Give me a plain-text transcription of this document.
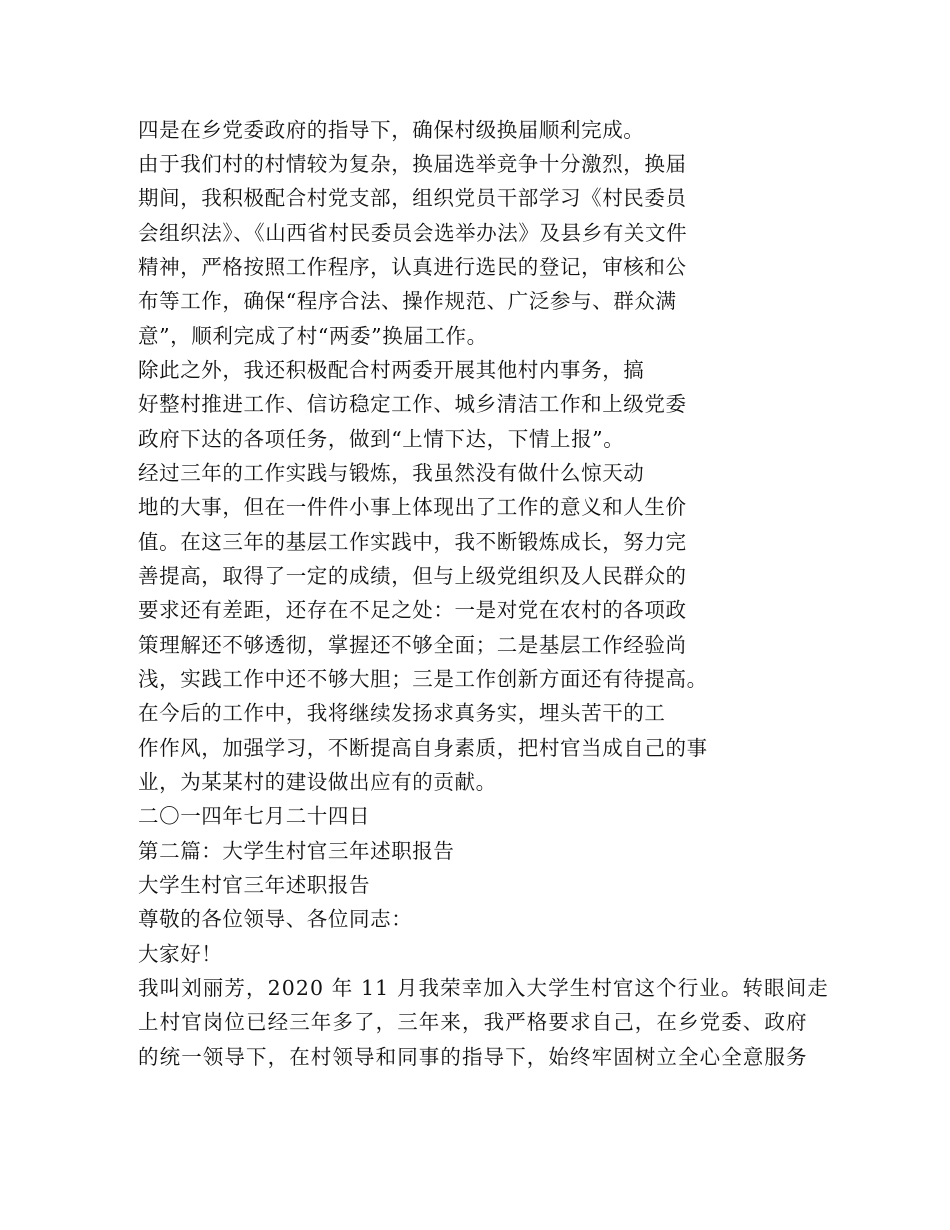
四是在乡党委政府的指导下，确保村级换届顺利完成。
由于我们村的村情较为复杂，换届选举竞争十分激烈，换届
期间，我积极配合村党支部，组织党员干部学习《村民委员
会组织法》、《山西省村民委员会选举办法》及县乡有关文件
精神，严格按照工作程序，认真进行选民的登记，审核和公
布等工作，确保“程序合法、操作规范、广泛参与、群众满
意”，顺利完成了村“两委”换届工作。
除此之外，我还积极配合村两委开展其他村内事务，搞
好整村推进工作、信访稳定工作、城乡清洁工作和上级党委
政府下达的各项任务，做到“上情下达，下情上报”。
经过三年的工作实践与锻炼，我虽然没有做什么惊天动
地的大事，但在一件件小事上体现出了工作的意义和人生价
值。在这三年的基层工作实践中，我不断锻炼成长，努力完
善提高，取得了一定的成绩，但与上级党组织及人民群众的
要求还有差距，还存在不足之处：一是对党在农村的各项政
策理解还不够透彻，掌握还不够全面；二是基层工作经验尚
浅，实践工作中还不够大胆；三是工作创新方面还有待提高。
在今后的工作中，我将继续发扬求真务实，埋头苦干的工
作作风，加强学习，不断提高自身素质，把村官当成自己的事
业，为某某村的建设做出应有的贡献。
二〇一四年七月二十四日
第二篇：大学生村官三年述职报告
大学生村官三年述职报告
尊敬的各位领导、各位同志：
大家好！
我叫刘丽芳，2020 年 11 月我荣幸加入大学生村官这个行业。转眼间走
上村官岗位已经三年多了，三年来，我严格要求自己，在乡党委、政府
的统一领导下，在村领导和同事的指导下，始终牢固树立全心全意服务
